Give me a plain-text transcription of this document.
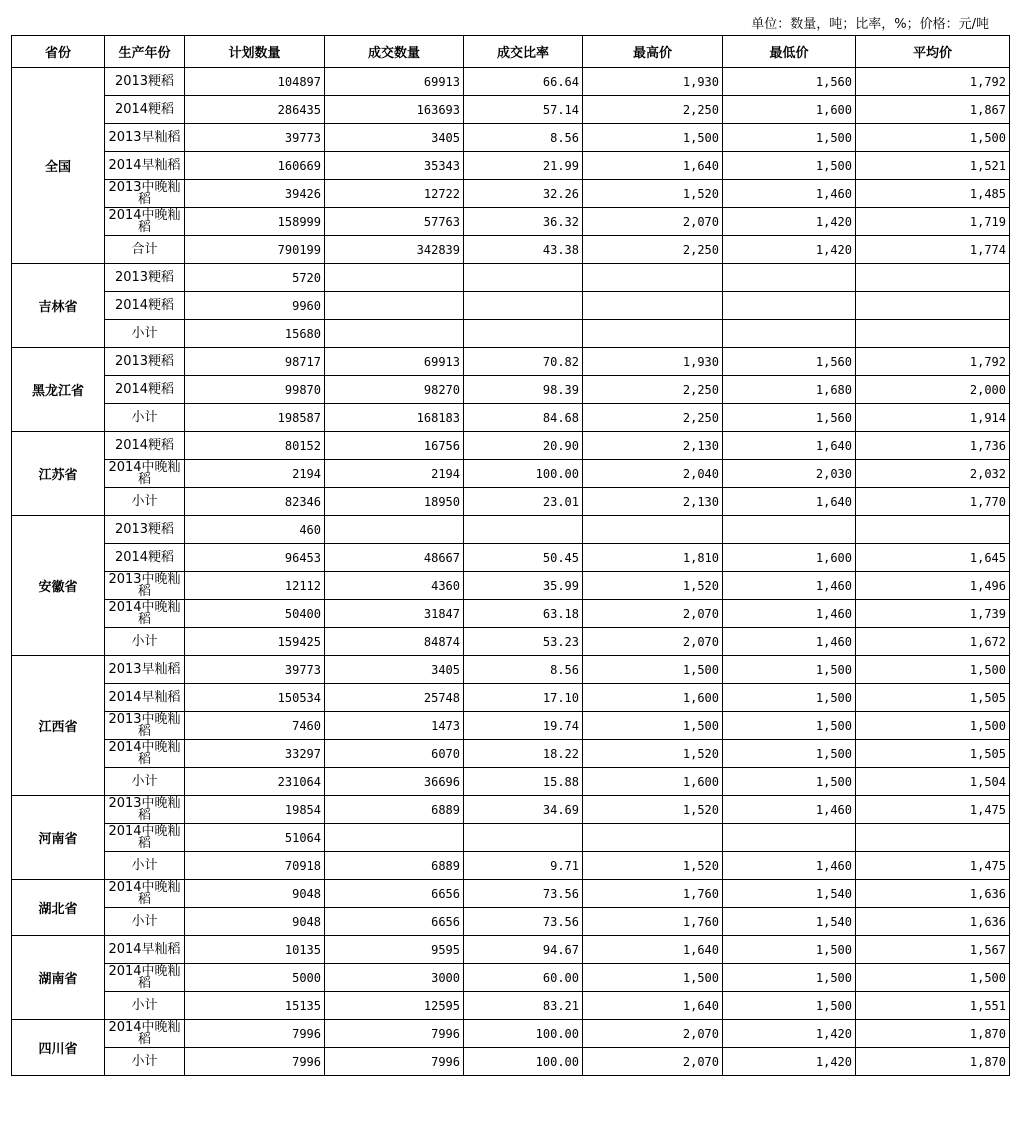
单位：数量，吨；比率，%；价格：元/吨
省份	生产年份	计划数量	成交数量	成交比率	最高价	最低价	平均价
全国	2013粳稻	104897	69913	66.64	1,930	1,560	1,792
	2014粳稻	286435	163693	57.14	2,250	1,600	1,867
	2013早籼稻	39773	3405	8.56	1,500	1,500	1,500
	2014早籼稻	160669	35343	21.99	1,640	1,500	1,521
	2013中晚籼稻	39426	12722	32.26	1,520	1,460	1,485
	2014中晚籼稻	158999	57763	36.32	2,070	1,420	1,719
	合计	790199	342839	43.38	2,250	1,420	1,774
吉林省	2013粳稻	5720					
	2014粳稻	9960					
	小计	15680					
黑龙江省	2013粳稻	98717	69913	70.82	1,930	1,560	1,792
	2014粳稻	99870	98270	98.39	2,250	1,680	2,000
	小计	198587	168183	84.68	2,250	1,560	1,914
江苏省	2014粳稻	80152	16756	20.90	2,130	1,640	1,736
	2014中晚籼稻	2194	2194	100.00	2,040	2,030	2,032
	小计	82346	18950	23.01	2,130	1,640	1,770
安徽省	2013粳稻	460					
	2014粳稻	96453	48667	50.45	1,810	1,600	1,645
	2013中晚籼稻	12112	4360	35.99	1,520	1,460	1,496
	2014中晚籼稻	50400	31847	63.18	2,070	1,460	1,739
	小计	159425	84874	53.23	2,070	1,460	1,672
江西省	2013早籼稻	39773	3405	8.56	1,500	1,500	1,500
	2014早籼稻	150534	25748	17.10	1,600	1,500	1,505
	2013中晚籼稻	7460	1473	19.74	1,500	1,500	1,500
	2014中晚籼稻	33297	6070	18.22	1,520	1,500	1,505
	小计	231064	36696	15.88	1,600	1,500	1,504
河南省	2013中晚籼稻	19854	6889	34.69	1,520	1,460	1,475
	2014中晚籼稻	51064					
	小计	70918	6889	9.71	1,520	1,460	1,475
湖北省	2014中晚籼稻	9048	6656	73.56	1,760	1,540	1,636
	小计	9048	6656	73.56	1,760	1,540	1,636
湖南省	2014早籼稻	10135	9595	94.67	1,640	1,500	1,567
	2014中晚籼稻	5000	3000	60.00	1,500	1,500	1,500
	小计	15135	12595	83.21	1,640	1,500	1,551
四川省	2014中晚籼稻	7996	7996	100.00	2,070	1,420	1,870
	小计	7996	7996	100.00	2,070	1,420	1,870
